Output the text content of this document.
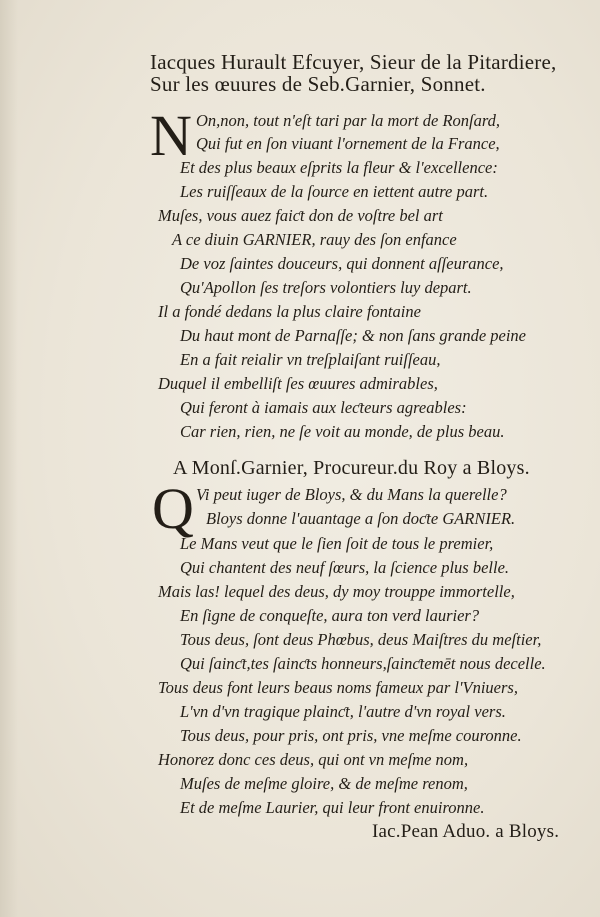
Iacques Hurault Efcuyer, Sieur de la Pitardiere,
Sur les œuures de Seb.Garnier, Sonnet.
N On,non, tout n'eſt tari par la mort de Ronſard,
Qui fut en ſon viuant l'ornement de la France,
Et des plus beaux eſprits la fleur & l'excellence:
Les ruiſſeaux de la ſource en iettent autre part.
Muſes, vous auez faiƈt don de voſtre bel art
A ce diuin GARNIER, rauy des ſon enfance
De voz ſaintes douceurs, qui donnent aſſeurance,
Qu'Apollon ſes treſors volontiers luy depart.
Il a fondé dedans la plus claire fontaine
Du haut mont de Parnaſſe; & non ſans grande peine
En a fait reialir vn treſplaiſant ruiſſeau,
Duquel il embelliſt ſes œuures admirables,
Qui feront à iamais aux leƈteurs agreables:
Car rien, rien, ne ſe voit au monde, de plus beau.
A Monſ.Garnier, Procureur.du Roy a Bloys.
Q Vi peut iuger de Bloys, & du Mans la querelle?
Bloys donne l'auantage a ſon doƈte GARNIER.
Le Mans veut que le ſien ſoit de tous le premier,
Qui chantent des neuf ſœurs, la ſcience plus belle.
Mais las! lequel des deus, dy moy trouppe immortelle,
En ſigne de conqueſte, aura ton verd laurier?
Tous deus, ſont deus Phœbus, deus Maiſtres du meſtier,
Qui ſainƈt,tes ſainƈts honneurs,ſainƈtemēt nous decelle.
Tous deus font leurs beaus noms fameux par l'Vniuers,
L'vn d'vn tragique plainƈt, l'autre d'vn royal vers.
Tous deus, pour pris, ont pris, vne meſme couronne.
Honorez donc ces deus, qui ont vn meſme nom,
Muſes de meſme gloire, & de meſme renom,
Et de meſme Laurier, qui leur front enuironne.
Iac.Pean Aduo. a Bloys.
